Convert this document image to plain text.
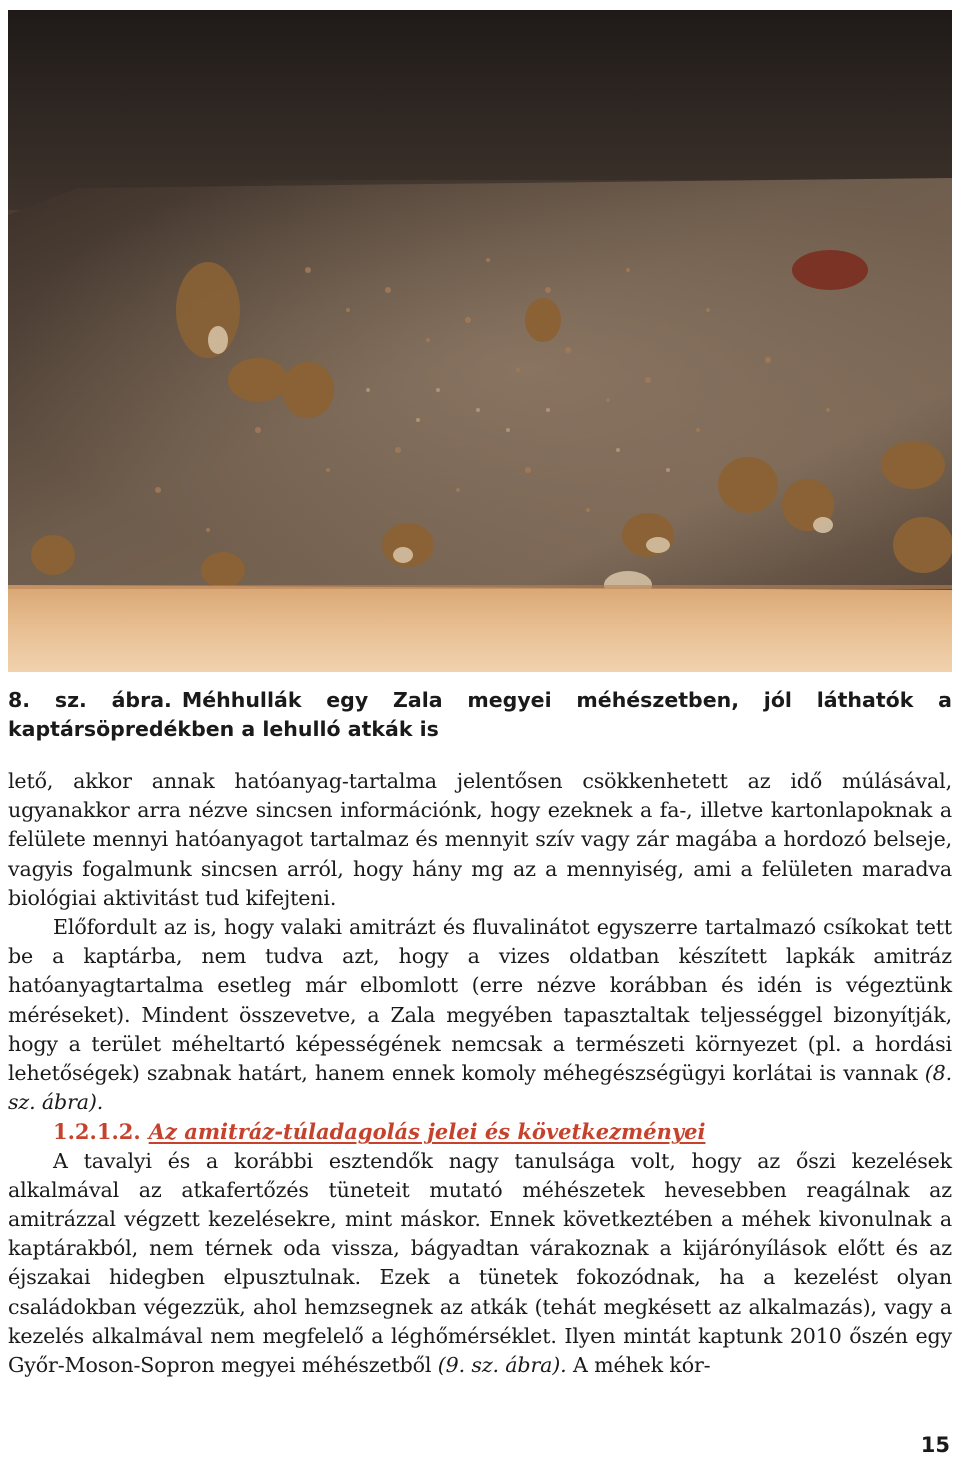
8. sz. ábra. Méhhullák egy Zala megyei méhészetben, jól láthatók a kaptársöpredékben a lehulló atkák is

lető, akkor annak hatóanyag-tartalma jelentősen csökkenhetett az idő múlásával, ugyanakkor arra nézve sincsen információnk, hogy ezeknek a fa-, illetve kartonlapoknak a felülete mennyi hatóanyagot tartalmaz és mennyit szív vagy zár magába a hordozó belseje, vagyis fogalmunk sincsen arról, hogy hány mg az a mennyiség, ami a felületen maradva biológiai aktivitást tud kifejteni.

Előfordult az is, hogy valaki amitrázt és fluvalinátot egyszerre tartalmazó csíkokat tett be a kaptárba, nem tudva azt, hogy a vizes oldatban készített lapkák amitráz hatóanyagtartalma esetleg már elbomlott (erre nézve korábban és idén is végeztünk méréseket). Mindent összevetve, a Zala megyében tapasztaltak teljességgel bizonyítják, hogy a terület méheltartó képességének nemcsak a természeti környezet (pl. a hordási lehetőségek) szabnak határt, hanem ennek komoly méhegészségügyi korlátai is vannak (8. sz. ábra).

1.2.1.2. Az amitráz-túladagolás jelei és következményei

A tavalyi és a korábbi esztendők nagy tanulsága volt, hogy az őszi kezelések alkalmával az atkafertőzés tüneteit mutató méhészetek hevesebben reagálnak az amitrázzal végzett kezelésekre, mint máskor. Ennek következtében a méhek kivonulnak a kaptárakból, nem térnek oda vissza, bágyadtan várakoznak a kijárónyílások előtt és az éjszakai hidegben elpusztulnak. Ezek a tünetek fokozódnak, ha a kezelést olyan családokban végezzük, ahol hemzsegnek az atkák (tehát megkésett az alkalmazás), vagy a kezelés alkalmával nem megfelelő a léghőmérséklet. Ilyen mintát kaptunk 2010 őszén egy Győr-Moson-Sopron megyei méhészetből (9. sz. ábra). A méhek kór-

15
